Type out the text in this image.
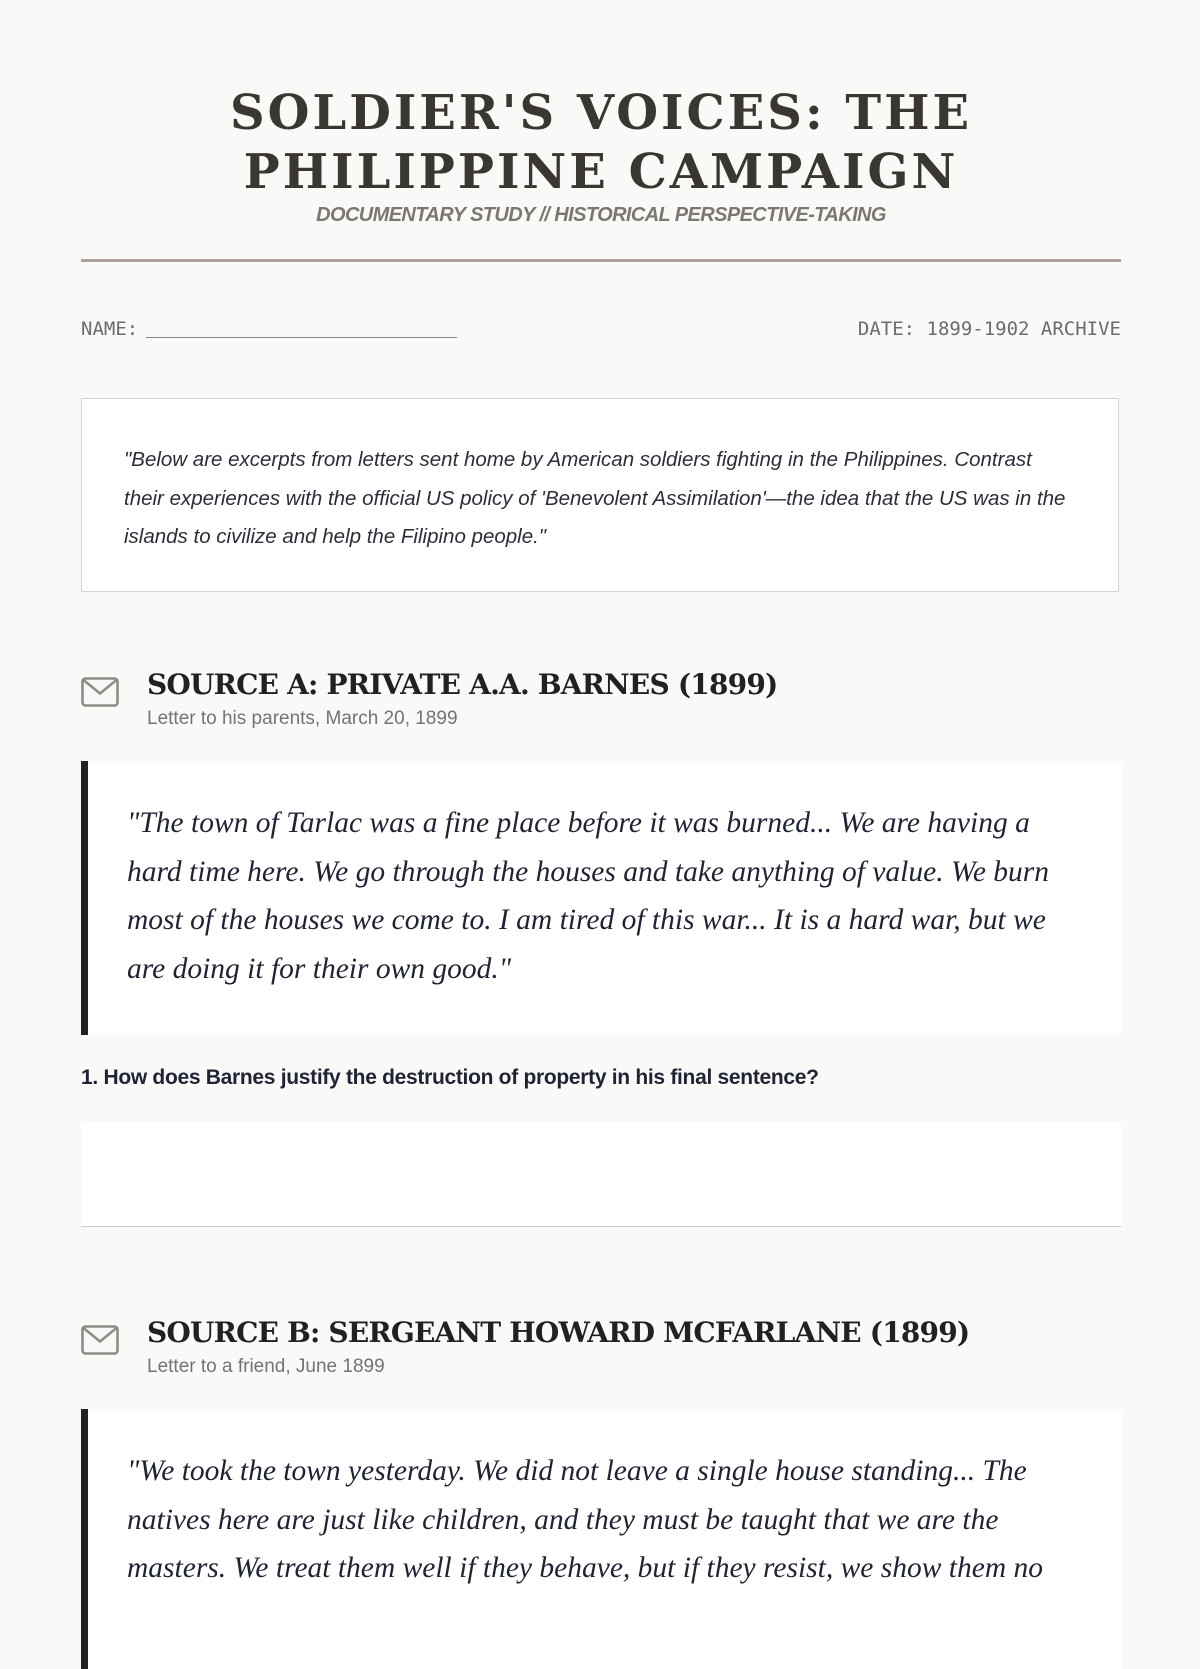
SOLDIER'S VOICES: THE PHILIPPINE CAMPAIGN
DOCUMENTARY STUDY // HISTORICAL PERSPECTIVE-TAKING
NAME:	DATE: 1899-1902 ARCHIVE
"Below are excerpts from letters sent home by American soldiers fighting in the Philippines. Contrast their experiences with the official US policy of 'Benevolent Assimilation'—the idea that the US was in the islands to civilize and help the Filipino people."
SOURCE A: PRIVATE A.A. BARNES (1899)
Letter to his parents, March 20, 1899
"The town of Tarlac was a fine place before it was burned... We are having a hard time here. We go through the houses and take anything of value. We burn most of the houses we come to. I am tired of this war... It is a hard war, but we are doing it for their own good."
1. How does Barnes justify the destruction of property in his final sentence?
SOURCE B: SERGEANT HOWARD MCFARLANE (1899)
Letter to a friend, June 1899
"We took the town yesterday. We did not leave a single house standing... The natives here are just like children, and they must be taught that we are the masters. We treat them well if they behave, but if they resist, we show them no
